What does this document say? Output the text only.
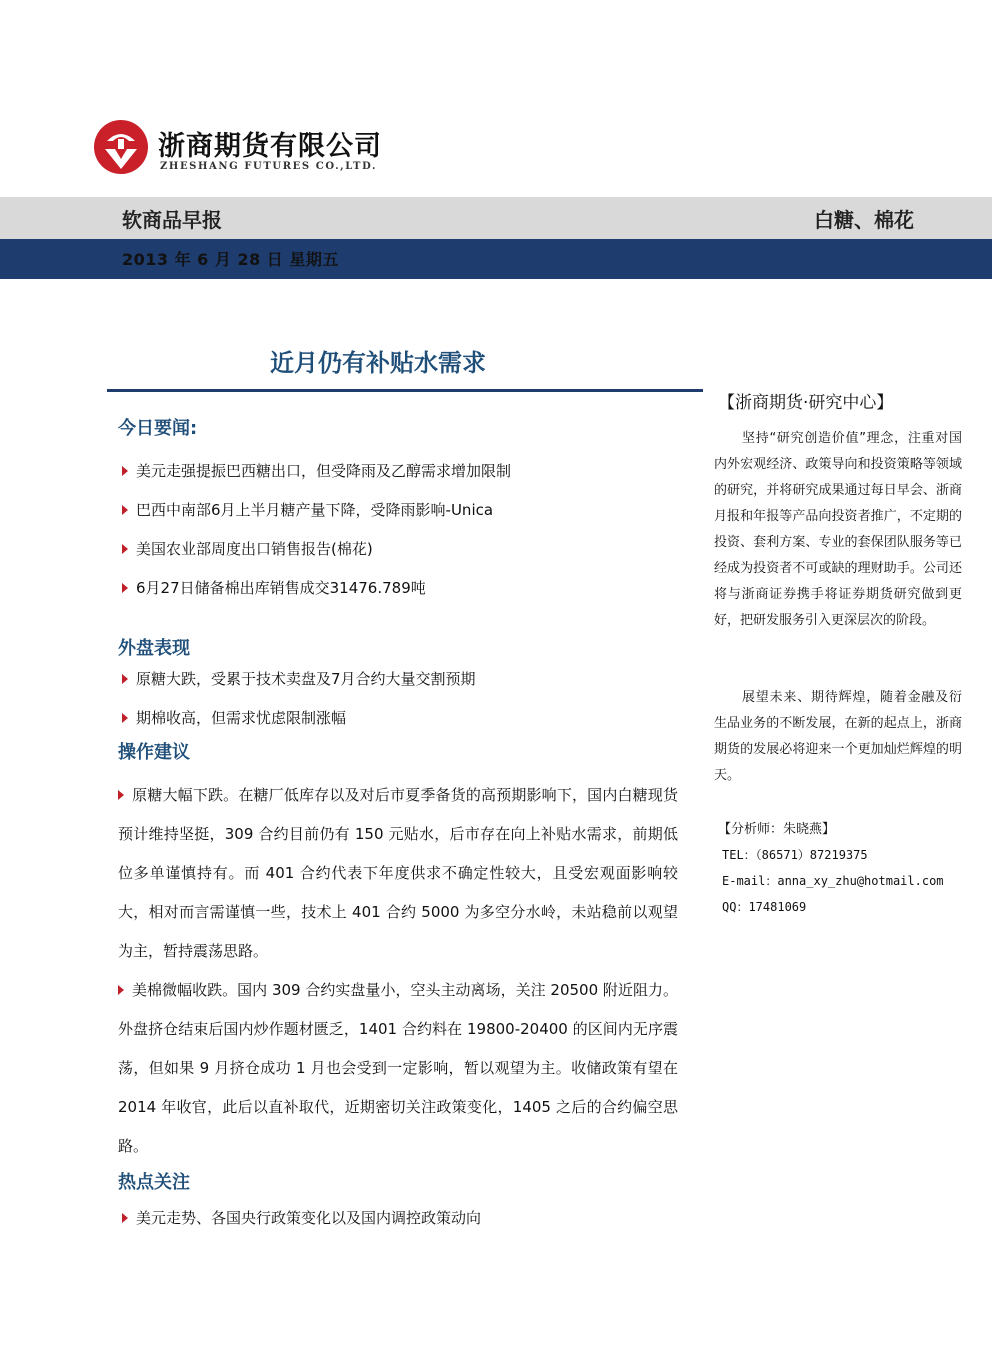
浙商期货有限公司
ZHESHANG FUTURES CO.,LTD.
软商品早报	白糖、棉花
2013 年 6 月 28 日 星期五
近月仍有补贴水需求
今日要闻:
美元走强提振巴西糖出口，但受降雨及乙醇需求增加限制
巴西中南部6月上半月糖产量下降，受降雨影响-Unica
美国农业部周度出口销售报告(棉花)
6月27日储备棉出库销售成交31476.789吨
外盘表现
原糖大跌，受累于技术卖盘及7月合约大量交割预期
期棉收高，但需求忧虑限制涨幅
操作建议
原糖大幅下跌。在糖厂低库存以及对后市夏季备货的高预期影响下，国内白糖现货预计维持坚挺，309 合约目前仍有 150 元贴水，后市存在向上补贴水需求，前期低位多单谨慎持有。而 401 合约代表下年度供求不确定性较大，且受宏观面影响较大，相对而言需谨慎一些，技术上 401 合约 5000 为多空分水岭，未站稳前以观望为主，暂持震荡思路。
美棉微幅收跌。国内 309 合约实盘量小，空头主动离场，关注 20500 附近阻力。外盘挤仓结束后国内炒作题材匮乏，1401 合约料在 19800-20400 的区间内无序震荡，但如果 9 月挤仓成功 1 月也会受到一定影响，暂以观望为主。收储政策有望在 2014 年收官，此后以直补取代，近期密切关注政策变化，1405 之后的合约偏空思路。
热点关注
美元走势、各国央行政策变化以及国内调控政策动向
【浙商期货·研究中心】
坚持“研究创造价值”理念，注重对国内外宏观经济、政策导向和投资策略等领域的研究，并将研究成果通过每日早会、浙商月报和年报等产品向投资者推广，不定期的投资、套利方案、专业的套保团队服务等已经成为投资者不可或缺的理财助手。公司还将与浙商证券携手将证券期货研究做到更好，把研发服务引入更深层次的阶段。
展望未来、期待辉煌，随着金融及衍生品业务的不断发展，在新的起点上，浙商期货的发展必将迎来一个更加灿烂辉煌的明天。
【分析师：朱晓燕】
TEL：（86571）87219375
E-mail：anna_xy_zhu@hotmail.com
QQ：17481069
